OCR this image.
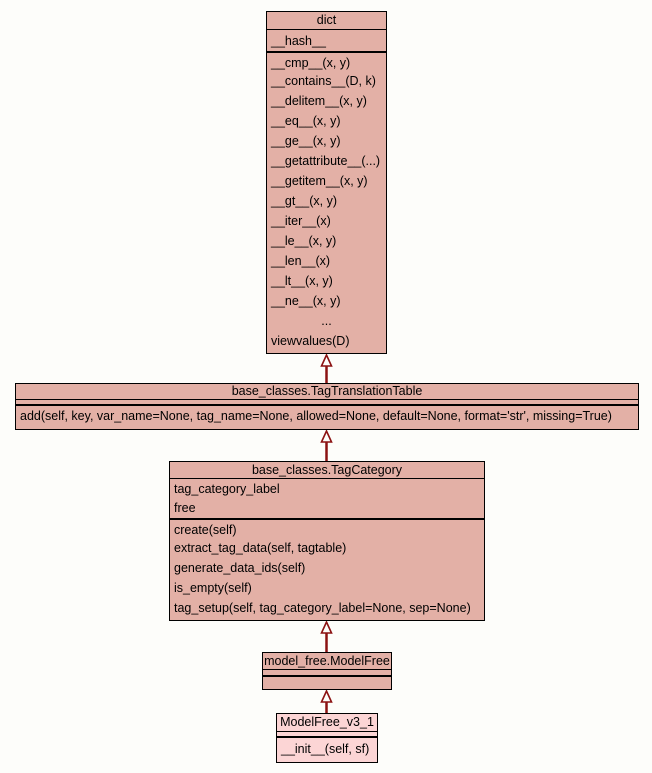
dict
__hash__
__cmp__(x, y)
__contains__(D, k)
__delitem__(x, y)
__eq__(x, y)
__ge__(x, y)
__getattribute__(...)
__getitem__(x, y)
__gt__(x, y)
__iter__(x)
__le__(x, y)
__len__(x)
__lt__(x, y)
__ne__(x, y)
...
viewvalues(D)
base_classes.TagTranslationTable
add(self, key, var_name=None, tag_name=None, allowed=None, default=None, format='str', missing=True)
base_classes.TagCategory
tag_category_label
free
create(self)
extract_tag_data(self, tagtable)
generate_data_ids(self)
is_empty(self)
tag_setup(self, tag_category_label=None, sep=None)
model_free.ModelFree
ModelFree_v3_1
__init__(self, sf)
